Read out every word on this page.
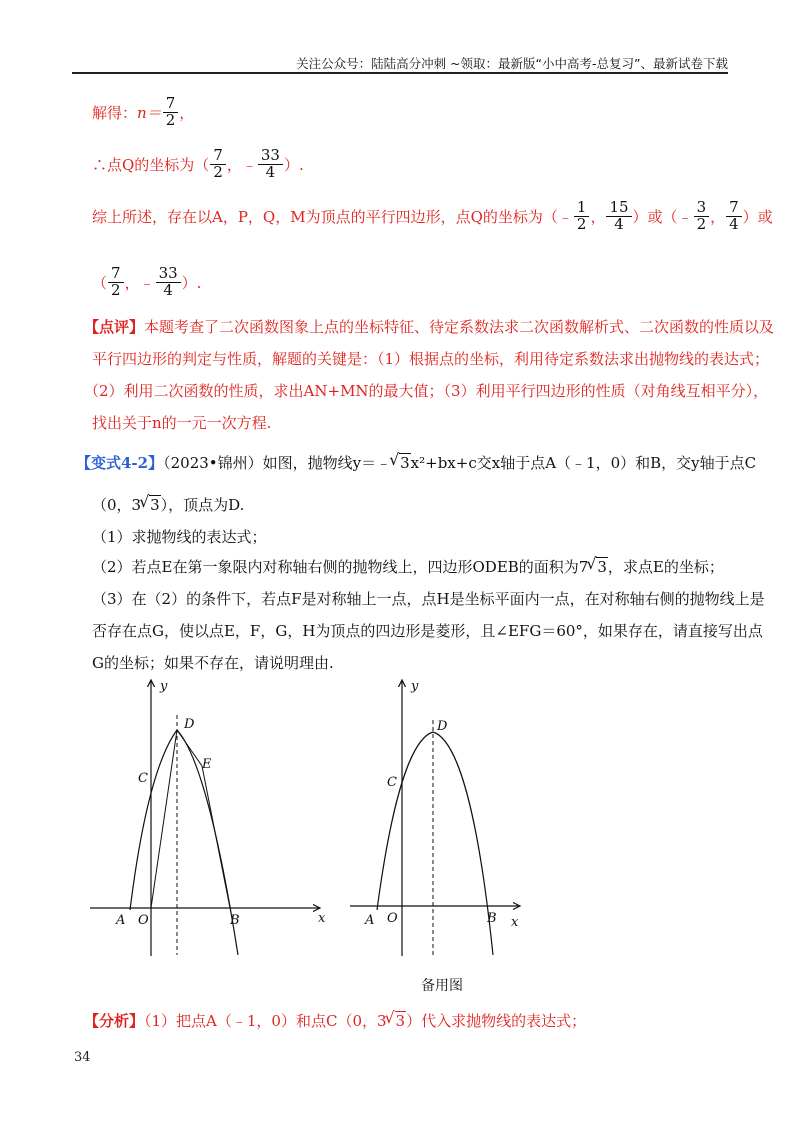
关注公众号：陆陆高分冲刺 ~领取：最新版“小中高考-总复习”、最新试卷下载
解得：$n= \frac{7}{2}$ ，
∴点Q的坐标为（ $\frac{7}{2}$ ，﹣ $\frac{33}{4}$ ）.
综上所述，存在以A，P，Q，M为顶点的平行四边形，点Q的坐标为（﹣ $\frac{1}{2}$ ， $\frac{15}{4}$ ）或（﹣ $\frac{3}{2}$ ， $\frac{7}{4}$ ）或
（ $\frac{7}{2}$ ，﹣ $\frac{33}{4}$ ）.
【点评】本题考查了二次函数图象上点的坐标特征、待定系数法求二次函数解析式、二次函数的性质以及
平行四边形的判定与性质，解题的关键是：（1）根据点的坐标，利用待定系数法求出抛物线的表达式；
（2）利用二次函数的性质，求出AN+MN的最大值；（3）利用平行四边形的性质（对角线互相平分），
找出关于n的一元一次方程.
【变式4-2】（2023•锦州）如图，抛物线y＝﹣ √ 3x²+bx+c交x轴于点A（﹣1，0）和B，交y轴于点C
（0，3 √ 3），顶点为D.
（1）求抛物线的表达式；
（2）若点E在第一象限内对称轴右侧的抛物线上，四边形ODEB的面积为7 √ 3，求点E的坐标；
（3）在（2）的条件下，若点F是对称轴上一点，点H是坐标平面内一点，在对称轴右侧的抛物线上是
否存在点G，使以点E，F，G，H为顶点的四边形是菱形，且∠EFG＝60°，如果存在，请直接写出点
G的坐标；如果不存在，请说明理由.
y
x
D
E
C
A O	B
y
x
D
C
A O	B
备用图
【分析】（1）把点A（﹣1，0）和点C（0，3 √ 3）代入求抛物线的表达式；
34
